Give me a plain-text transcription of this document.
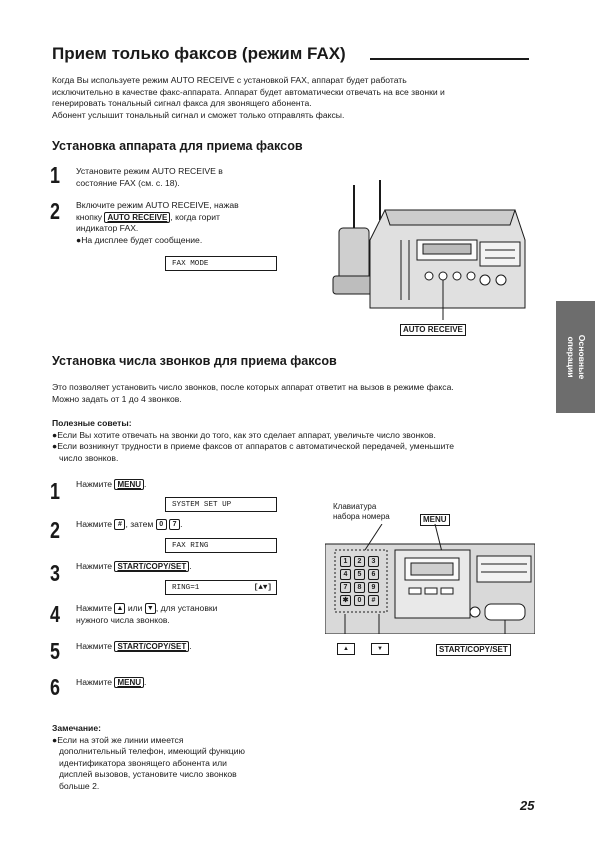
Прием только факсов (режим FAX)
Когда Вы используете режим AUTO RECEIVE с установкой FAX, аппарат будет работать
исключительно в качестве факс-аппарата. Аппарат будет автоматически отвечать на все звонки и
генерировать тональный сигнал факса для звонящего абонента.
Абонент услышит тональный сигнал и сможет только отправлять факсы.
Установка аппарата для приема факсов
1 Установите режим AUTO RECEIVE в
состояние FAX (см. с. 18).
2 Включите режим AUTO RECEIVE, нажав
кнопку AUTO RECEIVE , когда горит
индикатор FAX.
●На дисплее будет сообщение.
FAX MODE
AUTO RECEIVE
Основные
операции
Установка числа звонков для приема факсов
Это позволяет установить число звонков, после которых аппарат ответит на вызов в режиме факса.
Можно задать от 1 до 4 звонков.
Полезные советы:
●Если Вы хотите отвечать на звонки до того, как это сделает аппарат, увеличьте число звонков.
●Если возникнут трудности в приеме факсов от аппаратов с автоматической передачей, уменьшите
число звонков.
1 Нажмите MENU .
SYSTEM SET UP
2 Нажмите # , затем 0 7 .
FAX RING
3 Нажмите START/COPY/SET .
RING=1	[▲▼]
4 Нажмите ▲ или ▼ , для установки
нужного числа звонков.
5 Нажмите START/COPY/SET .
6 Нажмите MENU .
Клавиатура
набора номера	MENU
1	2	3
4	5	6
7	8	9
✱	0	#
▲	▼	START/COPY/SET
Замечание:
●Если на этой же линии имеется
дополнительный телефон, имеющий функцию
идентификатора звонящего абонента или
дисплей вызовов, установите число звонков
больше 2.
25
